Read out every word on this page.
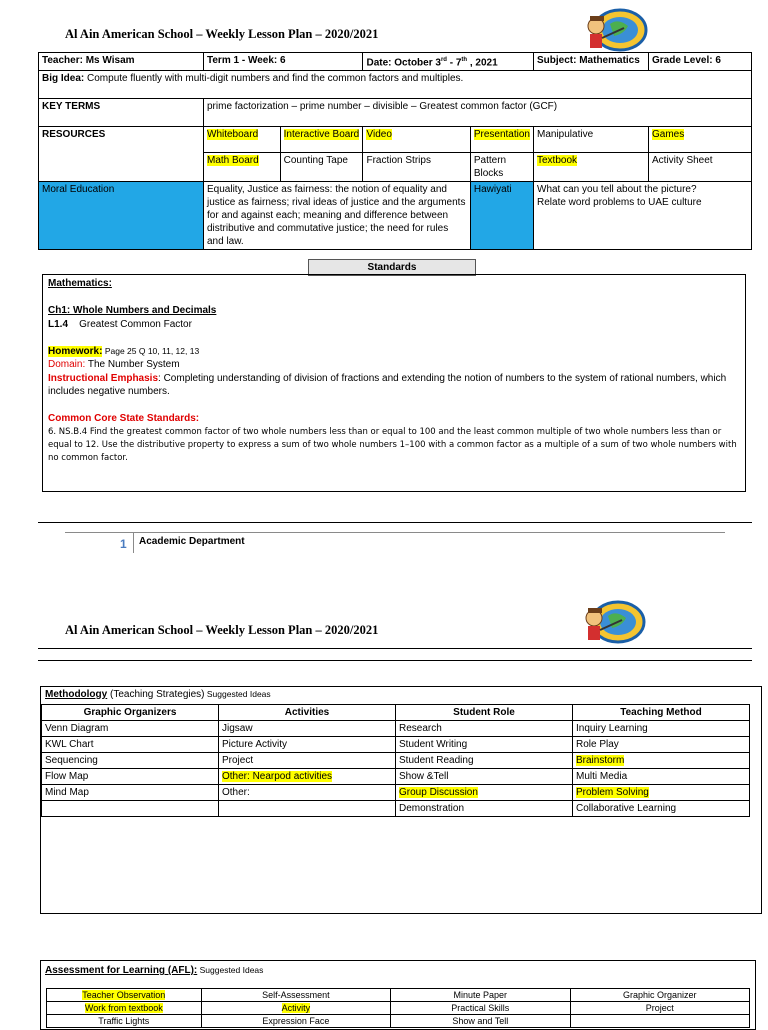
Al Ain American School – Weekly Lesson Plan – 2020/2021
Teacher: Ms Wisam	Term 1 - Week: 6		Date: October 3rd - 7th , 2021		Subject: Mathematics	Grade Level: 6
Big Idea: Compute fluently with multi-digit numbers and find the common factors and multiples.						
KEY TERMS	prime factorization – prime number – divisible – Greatest common factor (GCF)					
RESOURCES	Whiteboard	Interactive Board	Video	Presentation	Manipulative	Games
	Math Board	Counting Tape	Fraction Strips	Pattern Blocks	Textbook	Activity Sheet
Moral Education	Equality, Justice as fairness: the notion of equality and justice as fairness; rival ideas of justice and the arguments for and against each; meaning and difference between distributive and commutative justice; the need for rules and law.			Hawiyati	What can you tell about the picture?
Relate word problems to UAE culture	
Standards

Mathematics:

Ch1: Whole Numbers and Decimals

L1.4 Greatest Common Factor

Homework: Page 25 Q 10, 11, 12, 13

Domain: The Number System

Instructional Emphasis: Completing understanding of division of fractions and extending the notion of numbers to the system of rational numbers, which includes negative numbers.

Common Core State Standards:

6. NS.B.4 Find the greatest common factor of two whole numbers less than or equal to 100 and the least common multiple of two whole numbers less than or equal to 12. Use the distributive property to express a sum of two whole numbers 1–100 with a common factor as a multiple of a sum of two whole numbers with no common factor.

1 Academic Department
Al Ain American School – Weekly Lesson Plan – 2020/2021
Methodology (Teaching Strategies) Suggested Ideas
Graphic Organizers	Activities	Student Role	Teaching Method
Venn Diagram	Jigsaw	Research	Inquiry Learning
KWL Chart	Picture Activity	Student Writing	Role Play
Sequencing	Project	Student Reading	Brainstorm
Flow Map	Other: Nearpod activities	Show &Tell	Multi Media
Mind Map	Other:	Group Discussion	Problem Solving
		Demonstration	Collaborative Learning
Assessment for Learning (AFL): Suggested Ideas
Teacher Observation	Self-Assessment	Minute Paper	Graphic Organizer
Work from textbook	Activity	Practical Skills	Project
Traffic Lights	Expression Face	Show and Tell	
